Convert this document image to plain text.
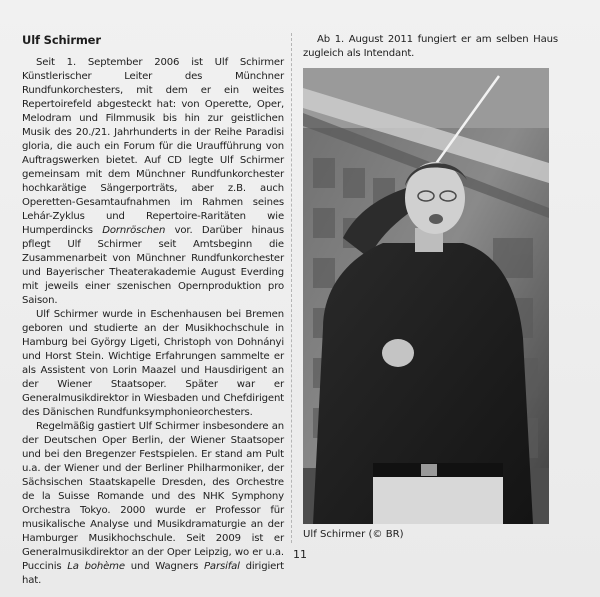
Ulf Schirmer

Seit 1. September 2006 ist Ulf Schirmer Künstlerischer Leiter des Münchner Rundfunkorchesters, mit dem er ein weites Repertoirefeld abgesteckt hat: von Operette, Oper, Melodram und Filmmusik bis hin zur geistlichen Musik des 20./21. Jahrhunderts in der Reihe Paradisi gloria, die auch ein Forum für die Uraufführung von Auftragswerken bietet. Auf CD legte Ulf Schirmer gemeinsam mit dem Münchner Rundfunkorchester hochkarätige Sängerporträts, aber z.B. auch Operetten-Gesamtaufnahmen im Rahmen seines Lehár-Zyklus und Repertoire-Raritäten wie Humperdincks Dornröschen vor. Darüber hinaus pflegt Ulf Schirmer seit Amtsbeginn die Zusammenarbeit von Münchner Rundfunkorchester und Bayerischer Theaterakademie August Everding mit jeweils einer szenischen Opernproduktion pro Saison.

Ulf Schirmer wurde in Eschenhausen bei Bremen geboren und studierte an der Musikhochschule in Hamburg bei György Ligeti, Christoph von Dohnányi und Horst Stein. Wichtige Erfahrungen sammelte er als Assistent von Lorin Maazel und Hausdirigent an der Wiener Staatsoper. Später war er Generalmusikdirektor in Wiesbaden und Chefdirigent des Dänischen Rundfunksymphonieorchesters.

Regelmäßig gastiert Ulf Schirmer insbesondere an der Deutschen Oper Berlin, der Wiener Staatsoper und bei den Bregenzer Festspielen. Er stand am Pult u.a. der Wiener und der Berliner Philharmoniker, der Sächsischen Staatskapelle Dresden, des Orchestre de la Suisse Romande und des NHK Symphony Orchestra Tokyo. 2000 wurde er Professor für musikalische Analyse und Musikdramaturgie an der Hamburger Musikhochschule. Seit 2009 ist er Generalmusikdirektor an der Oper Leipzig, wo er u.a. Puccinis La bohème und Wagners Parsifal dirigiert hat.

Ab 1. August 2011 fungiert er am selben Haus zugleich als Intendant.

Ulf Schirmer (© BR)
11
